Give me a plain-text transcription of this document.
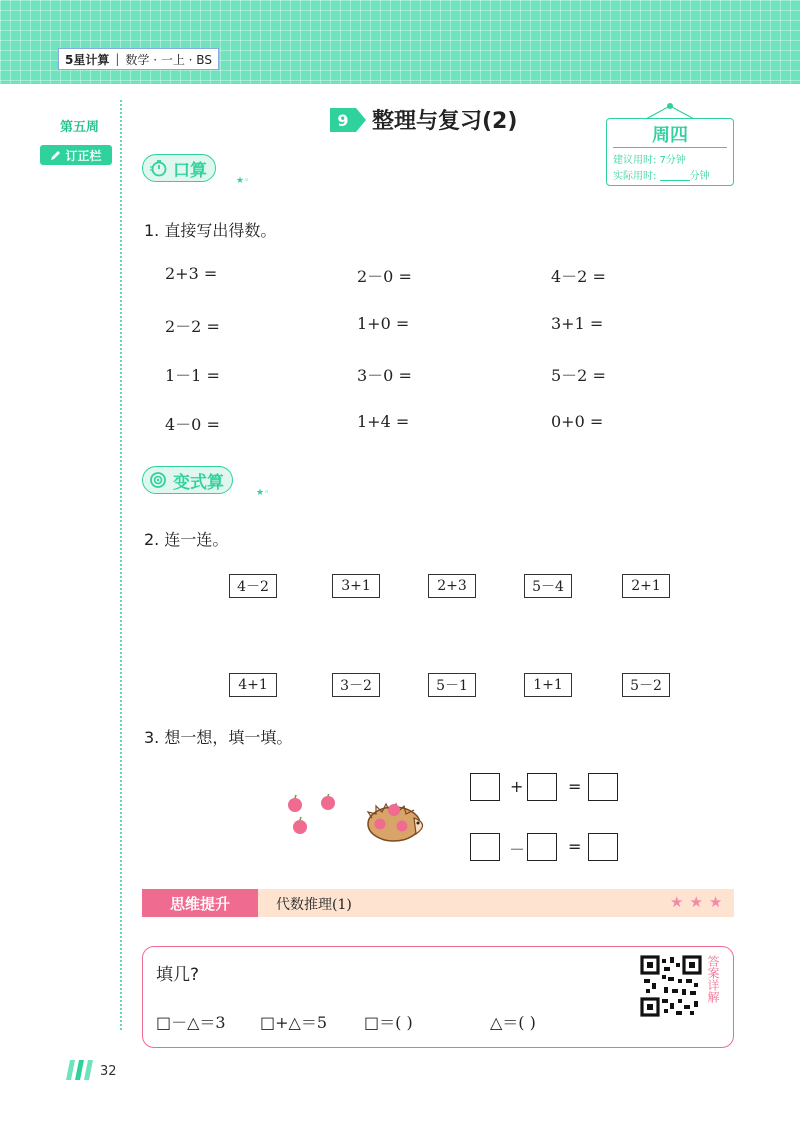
5星计算 | 数学 · 一上 · BS
第五周
订正栏
9	整理与复习(2)
周四
建议用时: 7分钟
实际用时:	分钟
口算
★◦
1. 直接写出得数。
2+3 =	2－0 =	4－2 =
2－2 =	1+0 =	3+1 =
1－1 =	3－0 =	5－2 =
4－0 =	1+4 =	0+0 =
变式算
★◦
2. 连一连。
4－2	3+1	2+3	5－4	2+1
4+1	3－2	5－1	1+1	5－2
3. 想一想，填一填。
+	=
－	=
思维提升	代数推理(1)	★★★
填几?
□－△＝3 □+△＝5 □＝( )	△＝( )
答案详解
32
